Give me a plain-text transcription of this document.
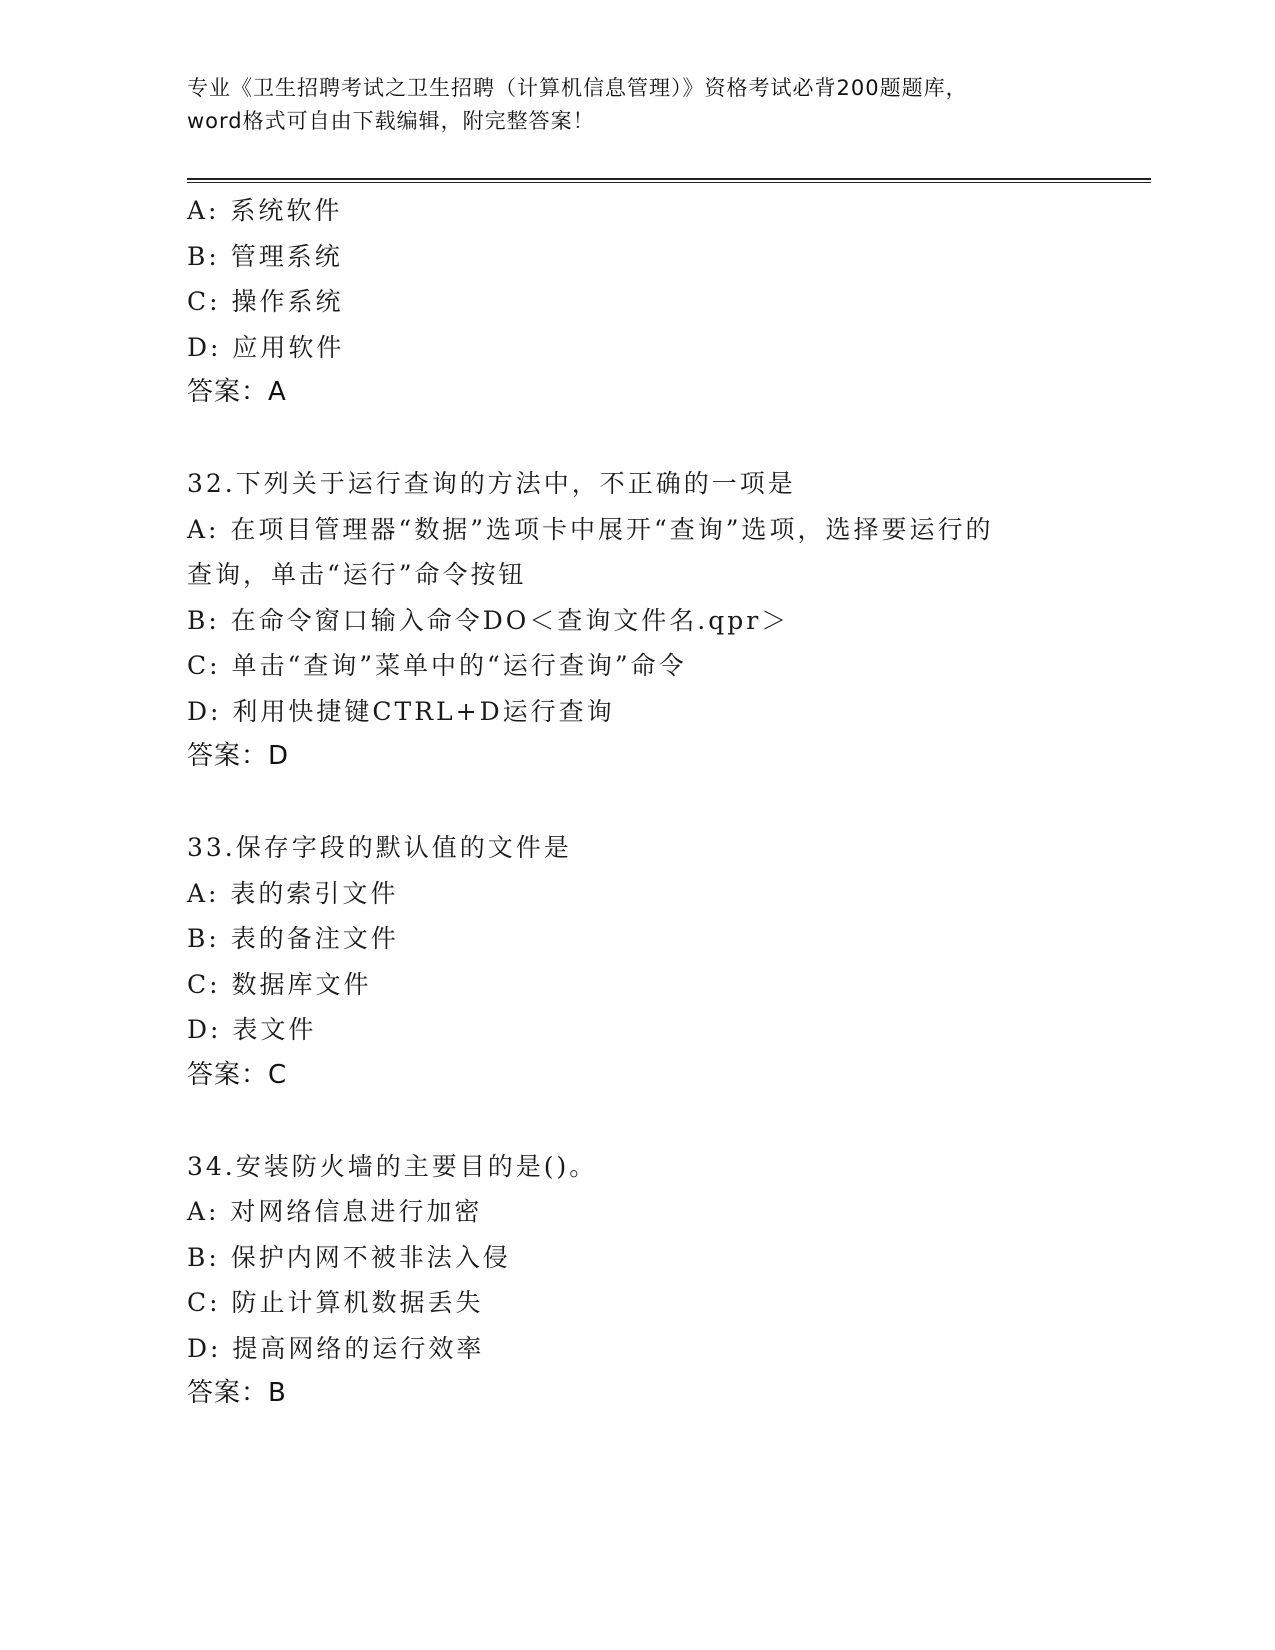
专业《卫生招聘考试之卫生招聘（计算机信息管理）》资格考试必背200题题库，
word格式可自由下载编辑，附完整答案！
A: 系统软件
B: 管理系统
C: 操作系统
D: 应用软件
答案：A
32.下列关于运行查询的方法中，不正确的一项是
A: 在项目管理器“数据”选项卡中展开“查询”选项，选择要运行的
查询，单击“运行”命令按钮
B: 在命令窗口输入命令DO＜查询文件名.qpr＞
C: 单击“查询”菜单中的“运行查询”命令
D: 利用快捷键CTRL+D运行查询
答案：D
33.保存字段的默认值的文件是
A: 表的索引文件
B: 表的备注文件
C: 数据库文件
D: 表文件
答案：C
34.安装防火墙的主要目的是()。
A: 对网络信息进行加密
B: 保护内网不被非法入侵
C: 防止计算机数据丢失
D: 提高网络的运行效率
答案：B
